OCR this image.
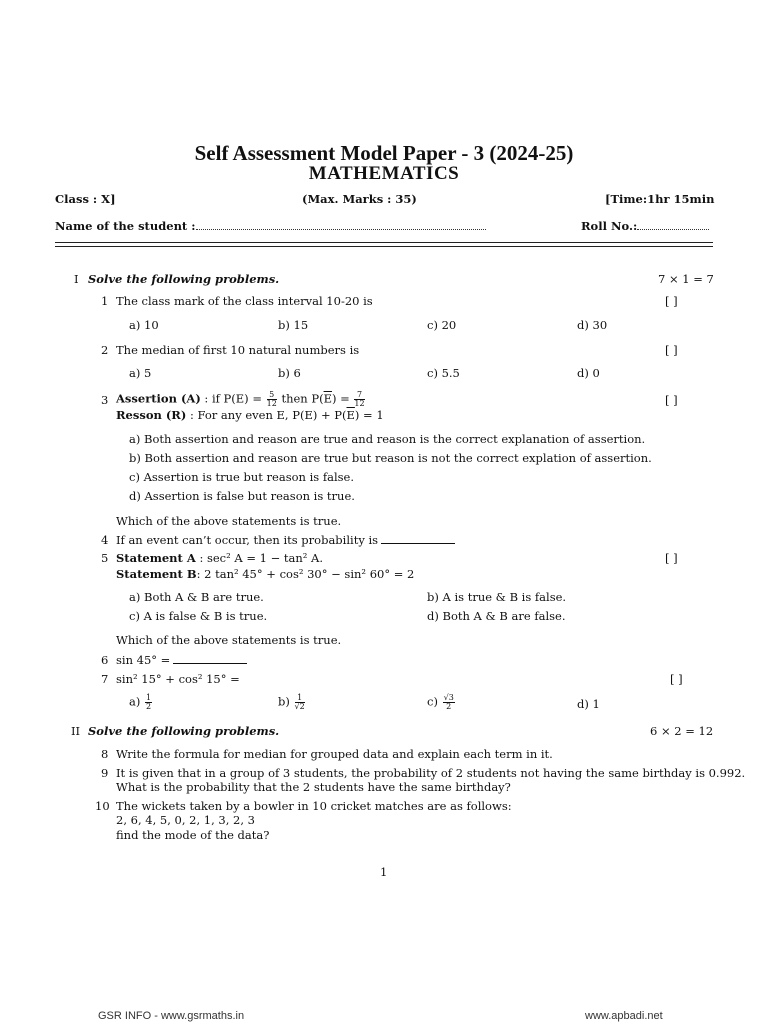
Self Assessment Model Paper - 3 (2024-25)
MATHEMATICS
Class : X]	(Max. Marks : 35)	[Time:1hr 15min
Name of the student :	Roll No.:
I Solve the following problems.	7 × 1 = 7
1 The class mark of the class interval 10-20 is	[ ]
a) 10	b) 15	c) 20	d) 30
2 The median of first 10 natural numbers is	[ ]
a) 5	b) 6	c) 5.5	d) 0
3 Assertion (A) : if $P(E) = \frac{5}{12}$ then $P(\overline{E}) = \frac{7}{12}$	[ ]
Resson (R) : For any even E, $P(E) + P(\overline{E}) = 1$
a) Both assertion and reason are true and reason is the correct explanation of assertion.
b) Both assertion and reason are true but reason is not the correct explation of assertion.
c) Assertion is true but reason is false.
d) Assertion is false but reason is true.
Which of the above statements is true.
4 If an event can’t occur, then its probability is
5 Statement A : sec² A = 1 − tan² A.	[ ]
Statement B: 2 tan² 45° + cos² 30° − sin² 60° = 2
a) Both A & B are true.	b) A is true & B is false.
c) A is false & B is true.	d) Both A & B are false.
Which of the above statements is true.
6 sin 45° =
7 sin² 15° + cos² 15° =	[ ]
$a) \frac{1}{2}$	$b) \frac{1}{√2}$	$c) \frac{√3}{2}$	d) 1
II Solve the following problems.	6 × 2 = 12
8 Write the formula for median for grouped data and explain each term in it.
9 It is given that in a group of 3 students, the probability of 2 students not having the same birthday is 0.992.
What is the probability that the 2 students have the same birthday?
10 The wickets taken by a bowler in 10 cricket matches are as follows:
2, 6, 4, 5, 0, 2, 1, 3, 2, 3
find the mode of the data?
1
GSR INFO - www.gsrmaths.in	www.apbadi.net
